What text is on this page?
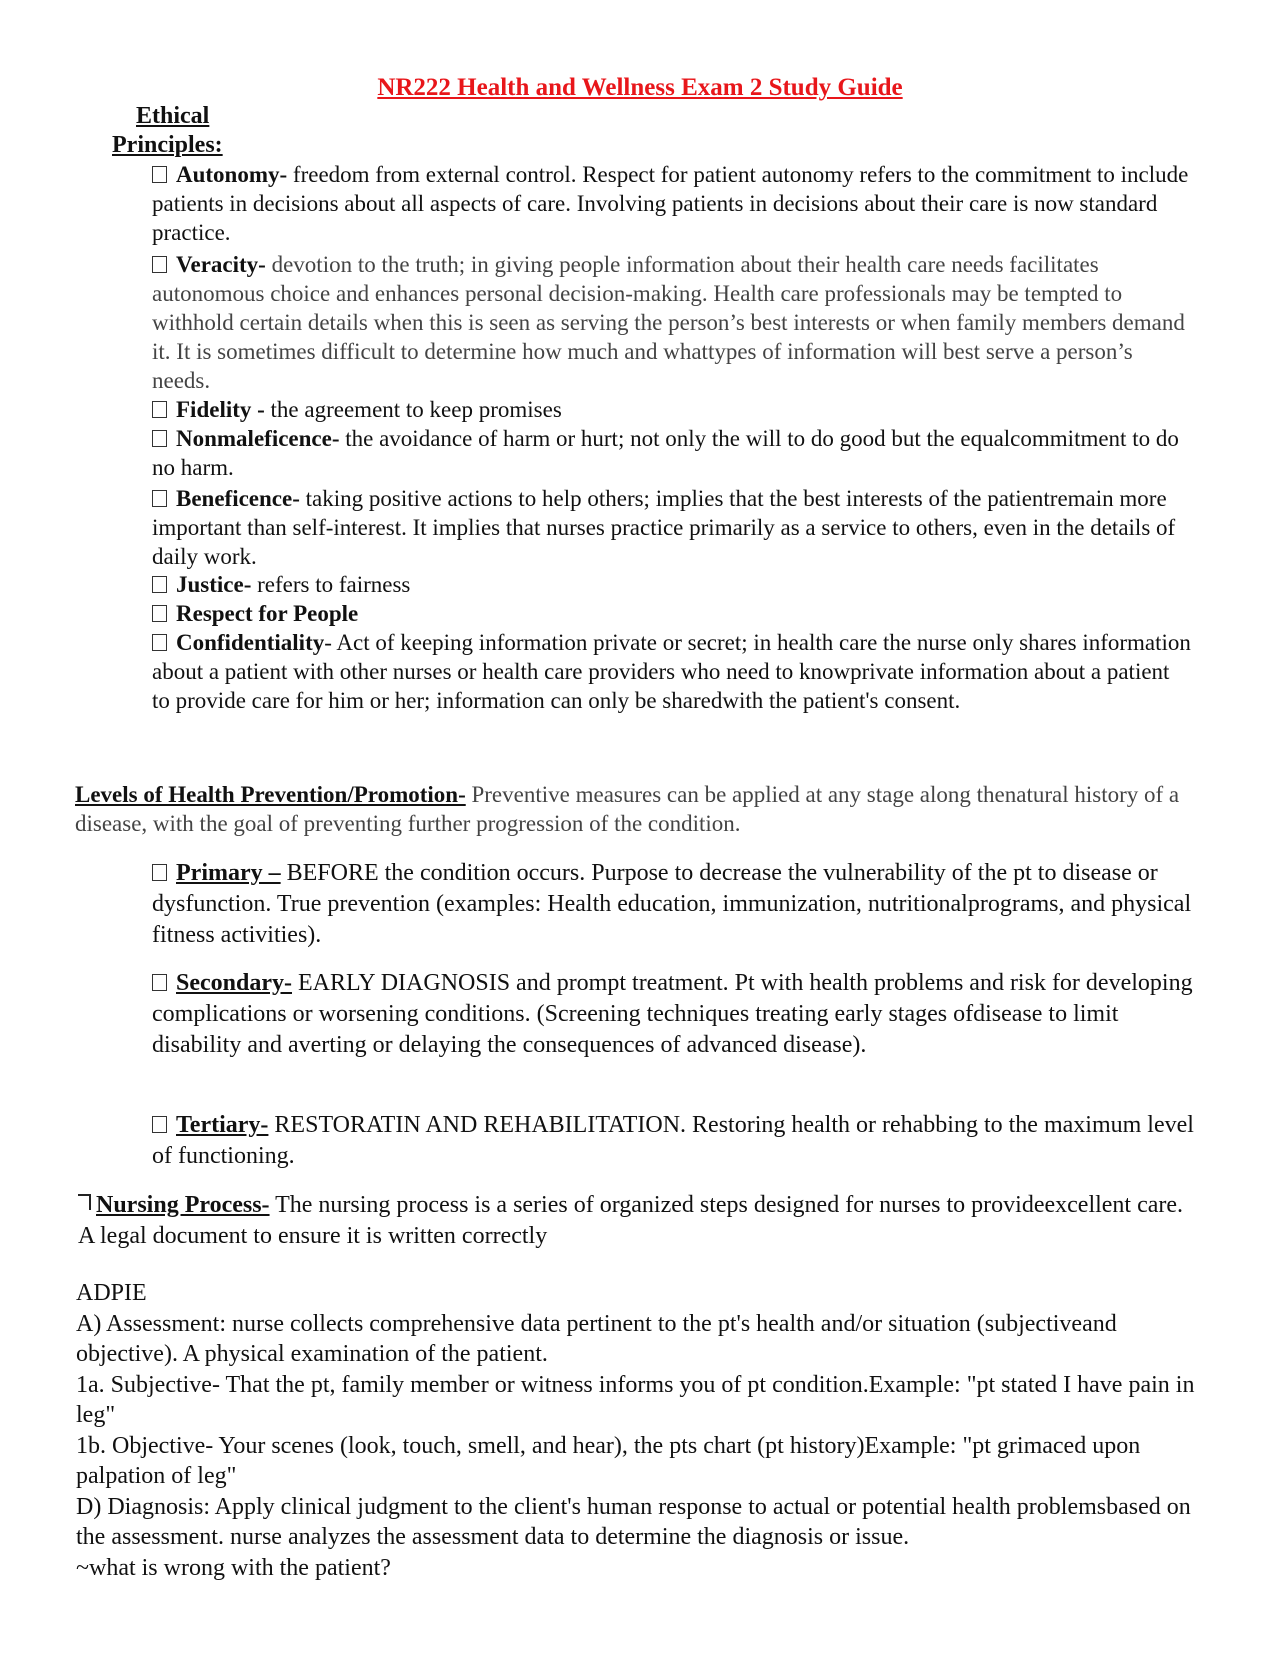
NR222 Health and Wellness Exam 2 Study Guide
Ethical
Principles:
Autonomy- freedom from external control. Respect for patient autonomy refers to the commitment to include patients in decisions about all aspects of care. Involving patients in decisions about their care is now standard practice.
Veracity- devotion to the truth; in giving people information about their health care needs facilitates autonomous choice and enhances personal decision-making. Health care professionals may be tempted to withhold certain details when this is seen as serving the person’s best interests or when family members demand it. It is sometimes difficult to determine how much and whattypes of information will best serve a person’s needs.
Fidelity - the agreement to keep promises
Nonmaleficence- the avoidance of harm or hurt; not only the will to do good but the equalcommitment to do no harm.
Beneficence- taking positive actions to help others; implies that the best interests of the patientremain more important than self-interest. It implies that nurses practice primarily as a service to others, even in the details of daily work.
Justice- refers to fairness
Respect for People
Confidentiality- Act of keeping information private or secret; in health care the nurse only shares information about a patient with other nurses or health care providers who need to knowprivate information about a patient to provide care for him or her; information can only be sharedwith the patient's consent.
Levels of Health Prevention/Promotion- Preventive measures can be applied at any stage along thenatural history of a disease, with the goal of preventing further progression of the condition.
Primary – BEFORE the condition occurs. Purpose to decrease the vulnerability of the pt to disease or dysfunction. True prevention (examples: Health education, immunization, nutritionalprograms, and physical fitness activities).
Secondary- EARLY DIAGNOSIS and prompt treatment. Pt with health problems and risk for developing complications or worsening conditions. (Screening techniques treating early stages ofdisease to limit disability and averting or delaying the consequences of advanced disease).
Tertiary- RESTORATIN AND REHABILITATION. Restoring health or rehabbing to the maximum level of functioning.
Nursing Process- The nursing process is a series of organized steps designed for nurses to provideexcellent care. A legal document to ensure it is written correctly

ADPIE

A) Assessment: nurse collects comprehensive data pertinent to the pt's health and/or situation (subjectiveand objective). A physical examination of the patient.

1a. Subjective- That the pt, family member or witness informs you of pt condition.Example: "pt stated I have pain in leg"

1b. Objective- Your scenes (look, touch, smell, and hear), the pts chart (pt history)Example: "pt grimaced upon palpation of leg"

D) Diagnosis: Apply clinical judgment to the client's human response to actual or potential health problemsbased on the assessment. nurse analyzes the assessment data to determine the diagnosis or issue.

~what is wrong with the patient?
